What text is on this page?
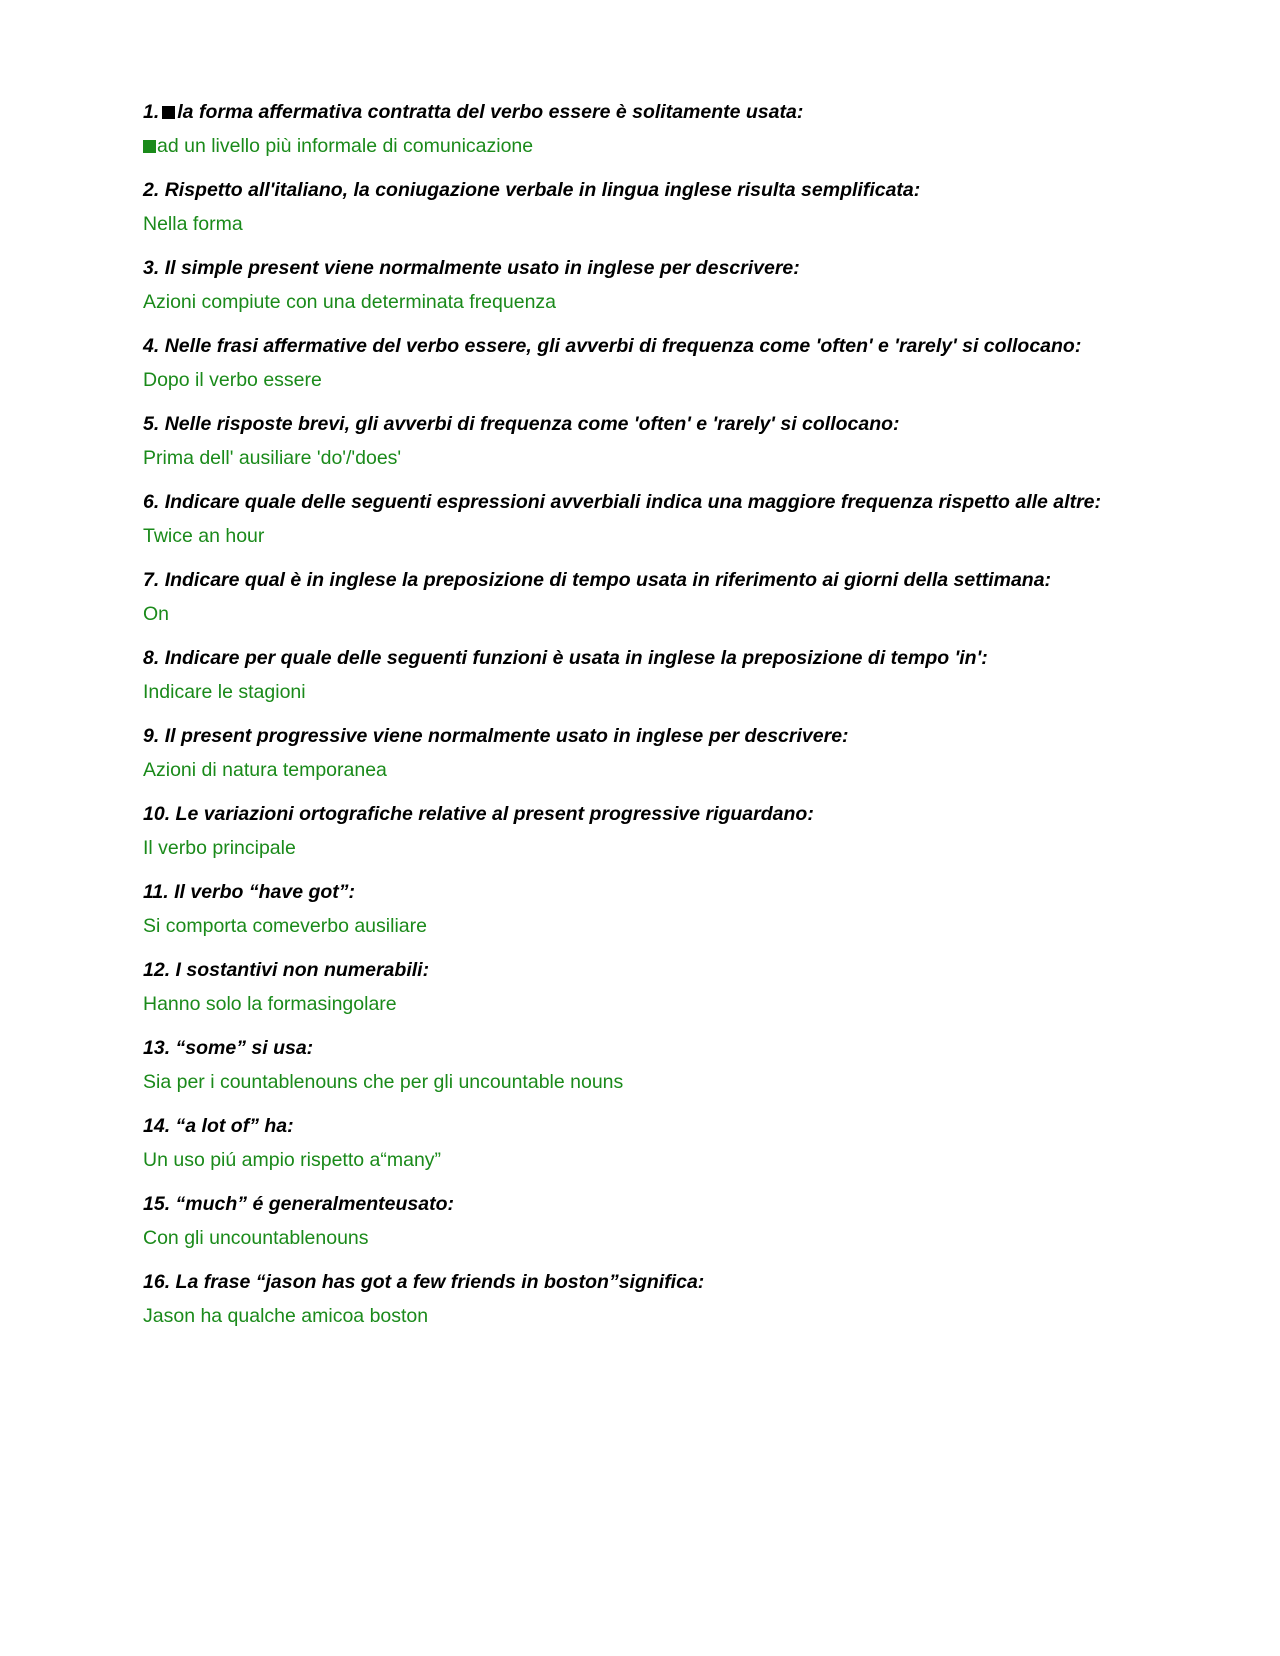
1. la forma affermativa contratta del verbo essere è solitamente usata:

ad un livello più informale di comunicazione

2. Rispetto all'italiano, la coniugazione verbale in lingua inglese risulta semplificata:

Nella forma

3. Il simple present viene normalmente usato in inglese per descrivere:

Azioni compiute con una determinata frequenza

4. Nelle frasi affermative del verbo essere, gli avverbi di frequenza come 'often' e 'rarely' si collocano:

Dopo il verbo essere

5. Nelle risposte brevi, gli avverbi di frequenza come 'often' e 'rarely' si collocano:

Prima dell' ausiliare 'do'/'does'

6. Indicare quale delle seguenti espressioni avverbiali indica una maggiore frequenza rispetto alle altre:

Twice an hour

7. Indicare qual è in inglese la preposizione di tempo usata in riferimento ai giorni della settimana:

On

8. Indicare per quale delle seguenti funzioni è usata in inglese la preposizione di tempo 'in':

Indicare le stagioni

9. Il present progressive viene normalmente usato in inglese per descrivere:

Azioni di natura temporanea

10. Le variazioni ortografiche relative al present progressive riguardano:

Il verbo principale

11. Il verbo “have got”:

Si comporta comeverbo ausiliare

12. I sostantivi non numerabili:

Hanno solo la formasingolare

13. “some” si usa:

Sia per i countablenouns che per gli uncountable nouns

14. “a lot of” ha:

Un uso piú ampio rispetto a“many”

15. “much” é generalmenteusato:

Con gli uncountablenouns

16. La frase “jason has got a few friends in boston”significa:

Jason ha qualche amicoa boston
